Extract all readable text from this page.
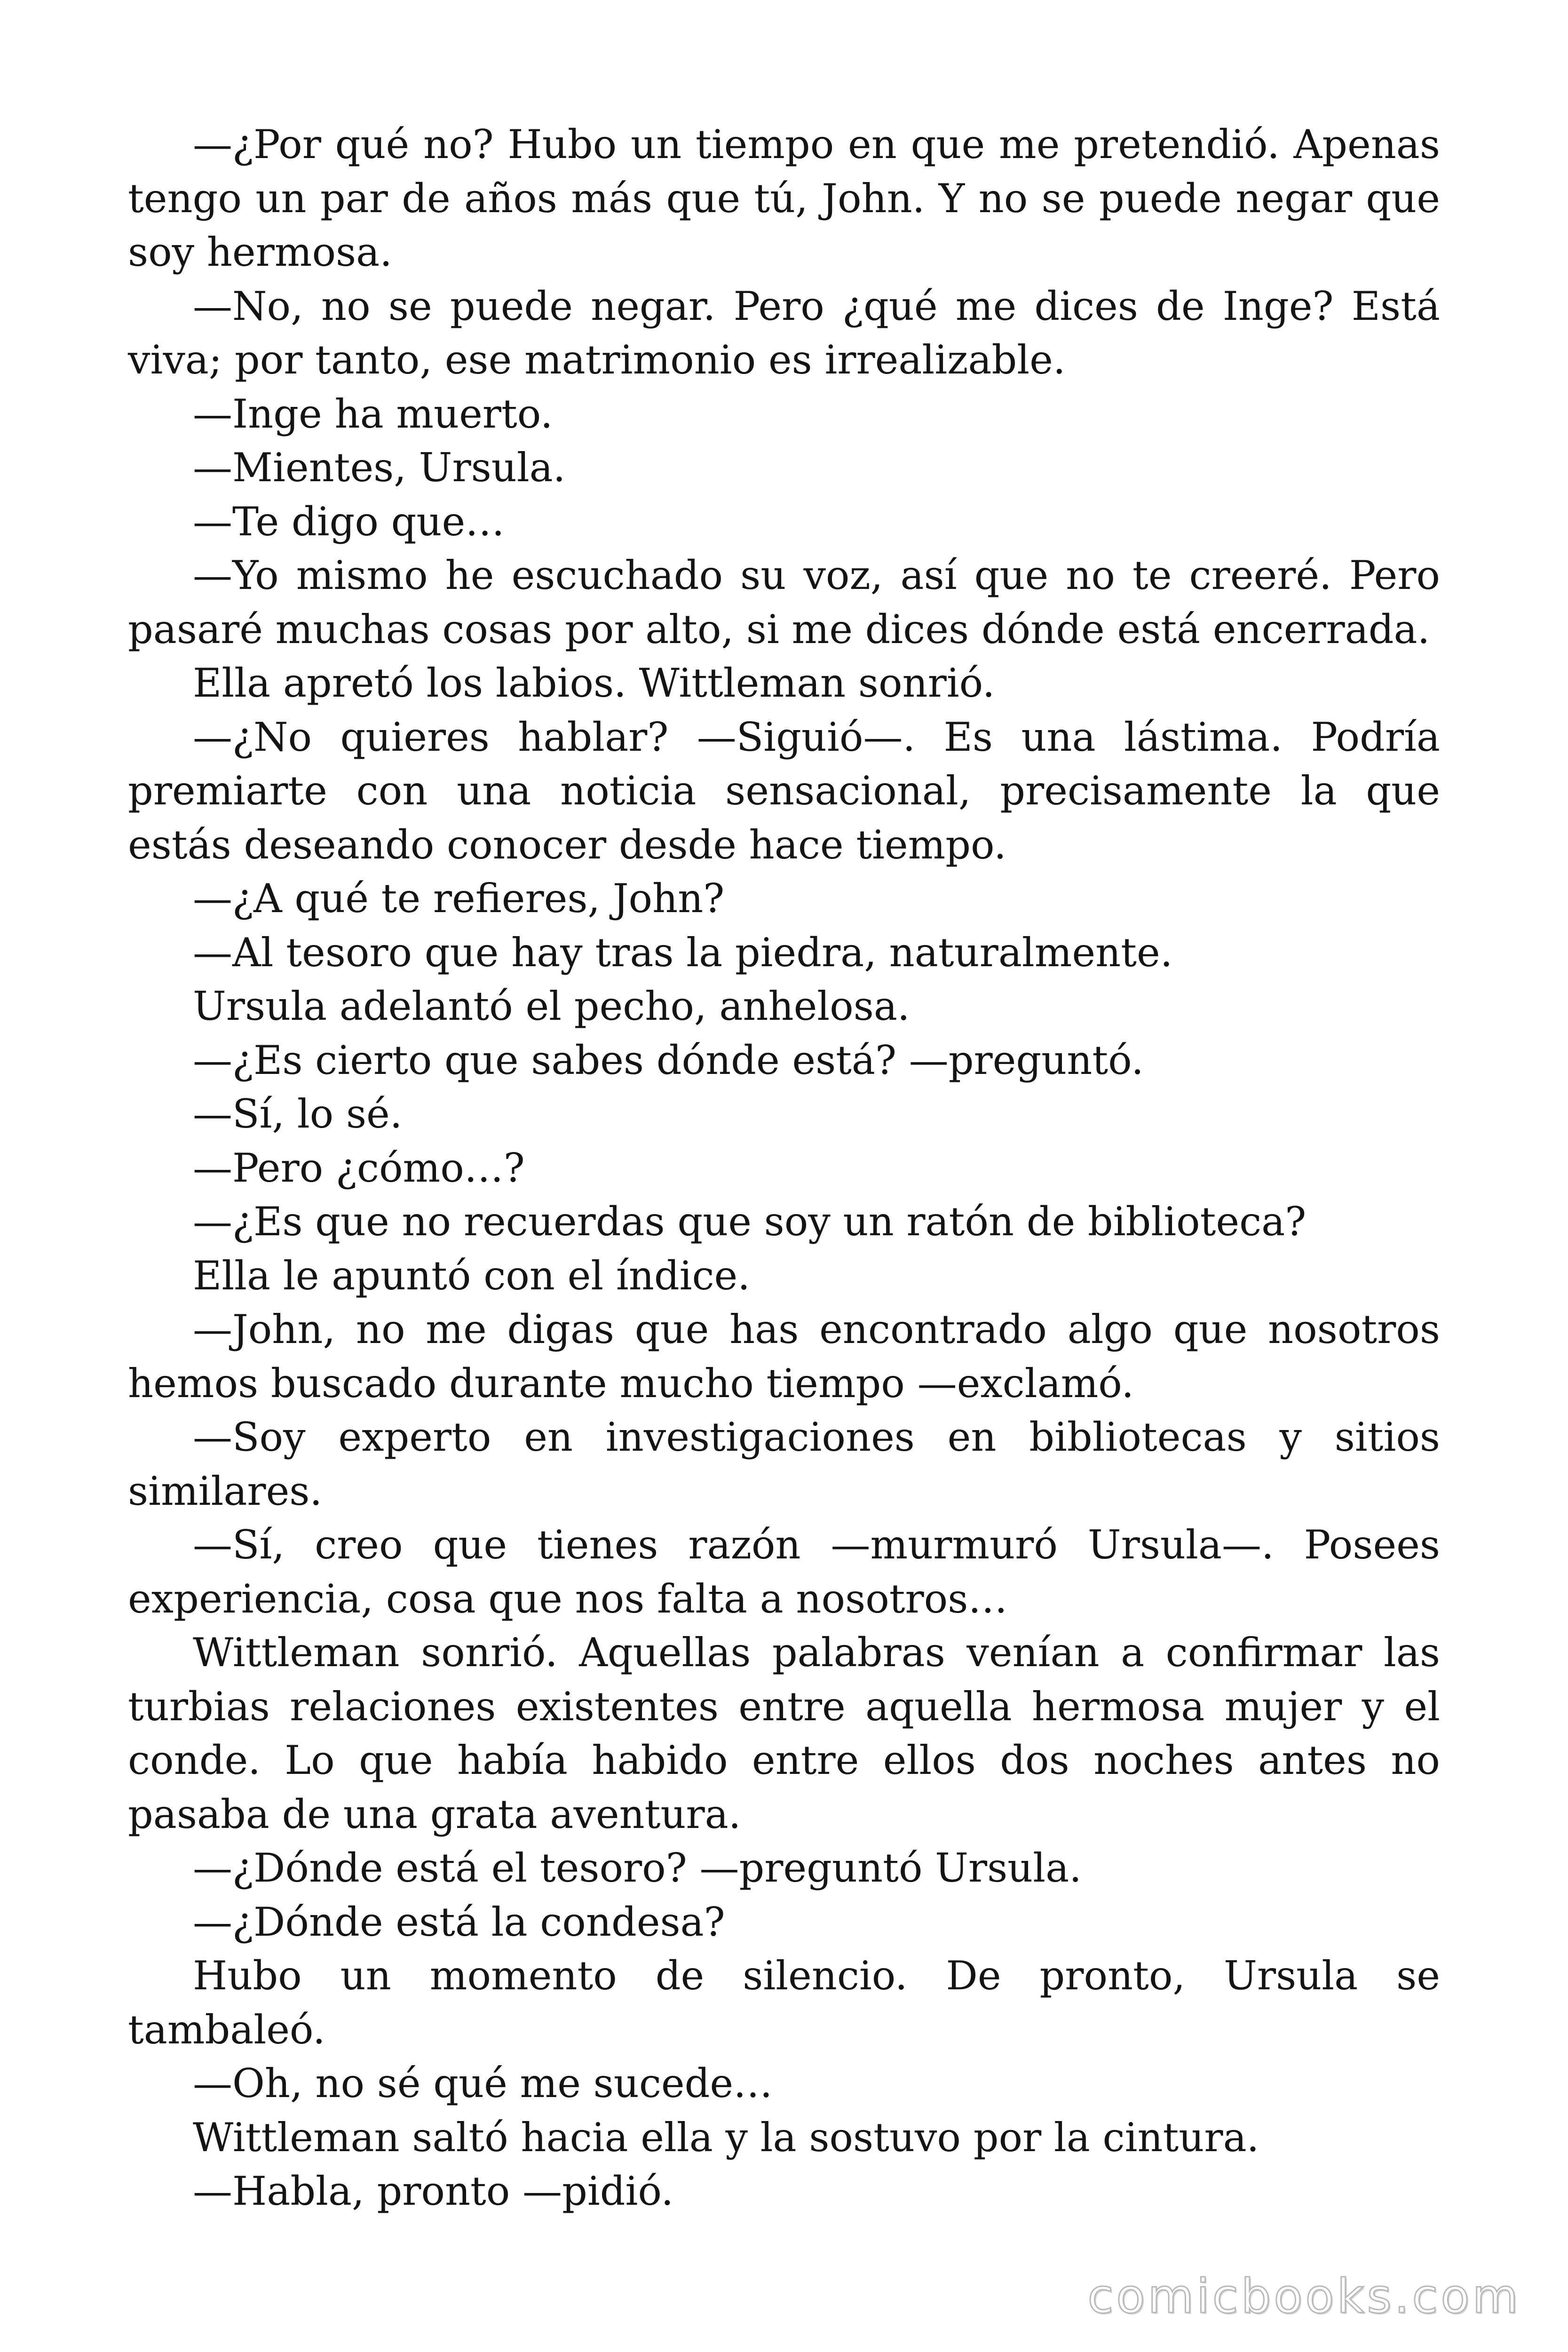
—¿Por qué no? Hubo un tiempo en que me pretendió. Apenas tengo un par de años más que tú, John. Y no se puede negar que soy hermosa.

—No, no se puede negar. Pero ¿qué me dices de Inge? Está viva; por tanto, ese matrimonio es irrealizable.

—Inge ha muerto.

—Mientes, Ursula.

—Te digo que…

—Yo mismo he escuchado su voz, así que no te creeré. Pero pasaré muchas cosas por alto, si me dices dónde está encerrada.

Ella apretó los labios. Wittleman sonrió.

—¿No quieres hablar? —Siguió—. Es una lástima. Podría premiarte con una noticia sensacional, precisamente la que estás deseando conocer desde hace tiempo.

—¿A qué te refieres, John?

—Al tesoro que hay tras la piedra, naturalmente.

Ursula adelantó el pecho, anhelosa.

—¿Es cierto que sabes dónde está? —preguntó.

—Sí, lo sé.

—Pero ¿cómo…?

—¿Es que no recuerdas que soy un ratón de biblioteca?

Ella le apuntó con el índice.

—John, no me digas que has encontrado algo que nosotros hemos buscado durante mucho tiempo —exclamó.

—Soy experto en investigaciones en bibliotecas y sitios similares.

—Sí, creo que tienes razón —murmuró Ursula—. Posees experiencia, cosa que nos falta a nosotros…

Wittleman sonrió. Aquellas palabras venían a confirmar las turbias relaciones existentes entre aquella hermosa mujer y el conde. Lo que había habido entre ellos dos noches antes no pasaba de una grata aventura.

—¿Dónde está el tesoro? —preguntó Ursula.

—¿Dónde está la condesa?

Hubo un momento de silencio. De pronto, Ursula se tambaleó.

—Oh, no sé qué me sucede…

Wittleman saltó hacia ella y la sostuvo por la cintura.

—Habla, pronto —pidió.

comicbooks.com
